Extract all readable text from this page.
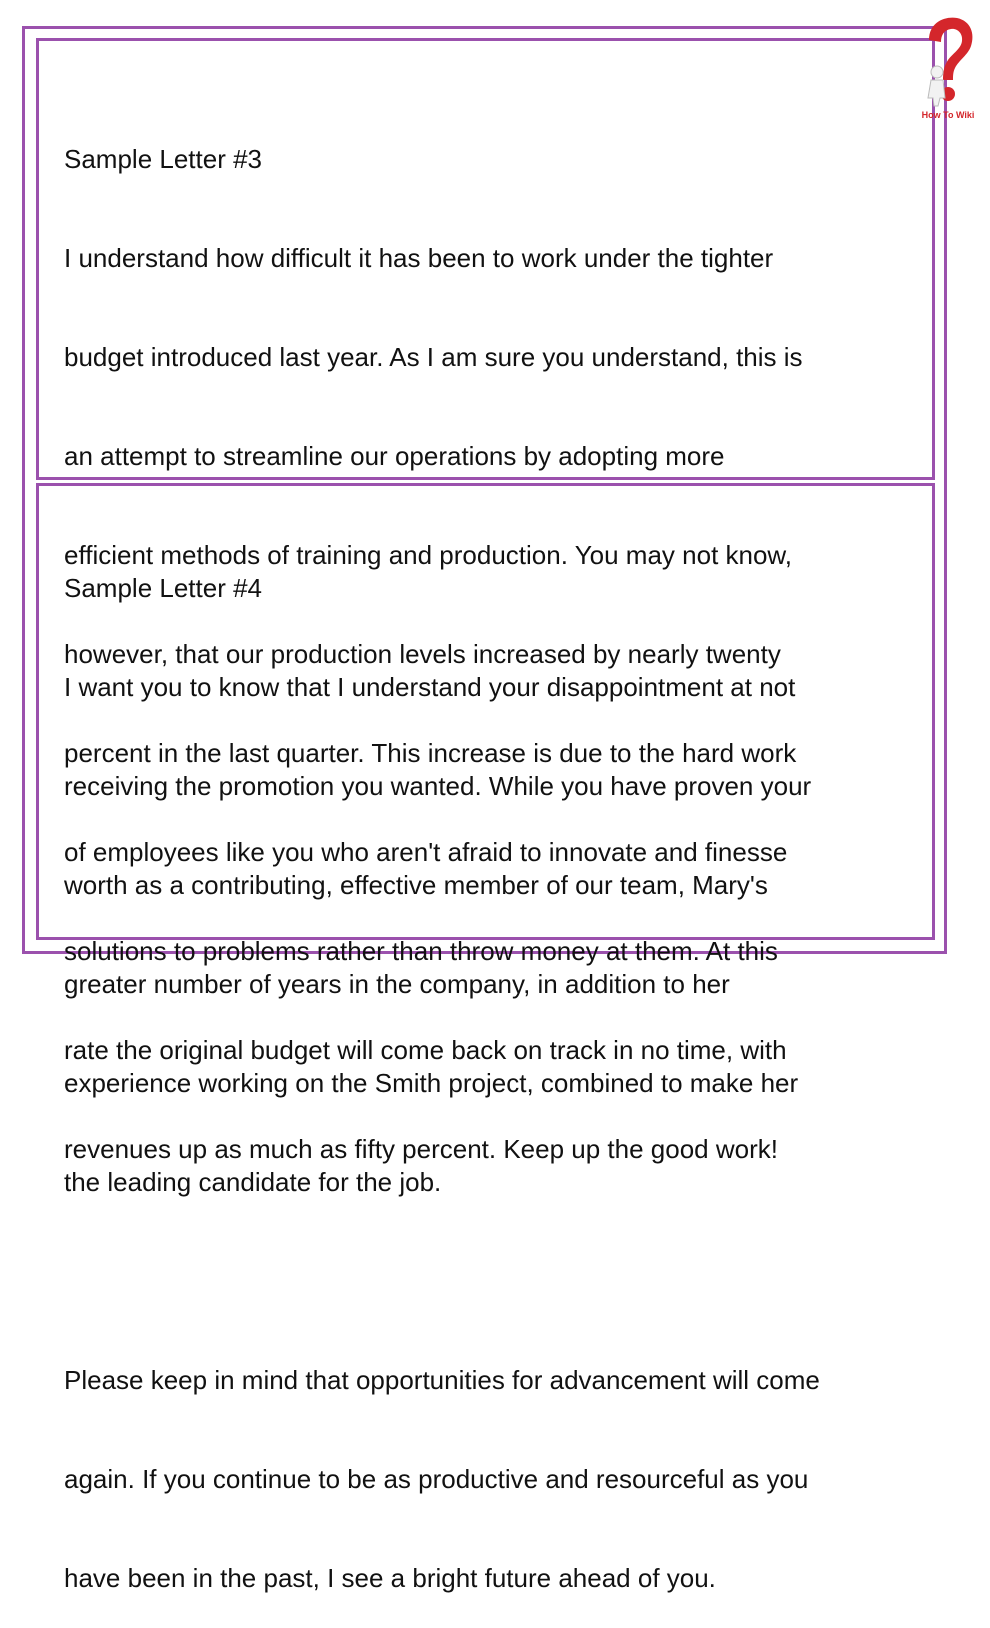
Sample Letter #3

I understand how difficult it has been to work under the tighter

budget introduced last year. As I am sure you understand, this is

an attempt to streamline our operations by adopting more

efficient methods of training and production. You may not know,

however, that our production levels increased by nearly twenty

percent in the last quarter. This increase is due to the hard work

of employees like you who aren't afraid to innovate and finesse

solutions to problems rather than throw money at them. At this

rate the original budget will come back on track in no time, with

revenues up as much as fifty percent. Keep up the good work!

Sample Letter #4

I want you to know that I understand your disappointment at not

receiving the promotion you wanted. While you have proven your

worth as a contributing, effective member of our team, Mary's

greater number of years in the company, in addition to her

experience working on the Smith project, combined to make her

the leading candidate for the job.

Please keep in mind that opportunities for advancement will come

again. If you continue to be as productive and resourceful as you

have been in the past, I see a bright future ahead of you.

How To Wiki
